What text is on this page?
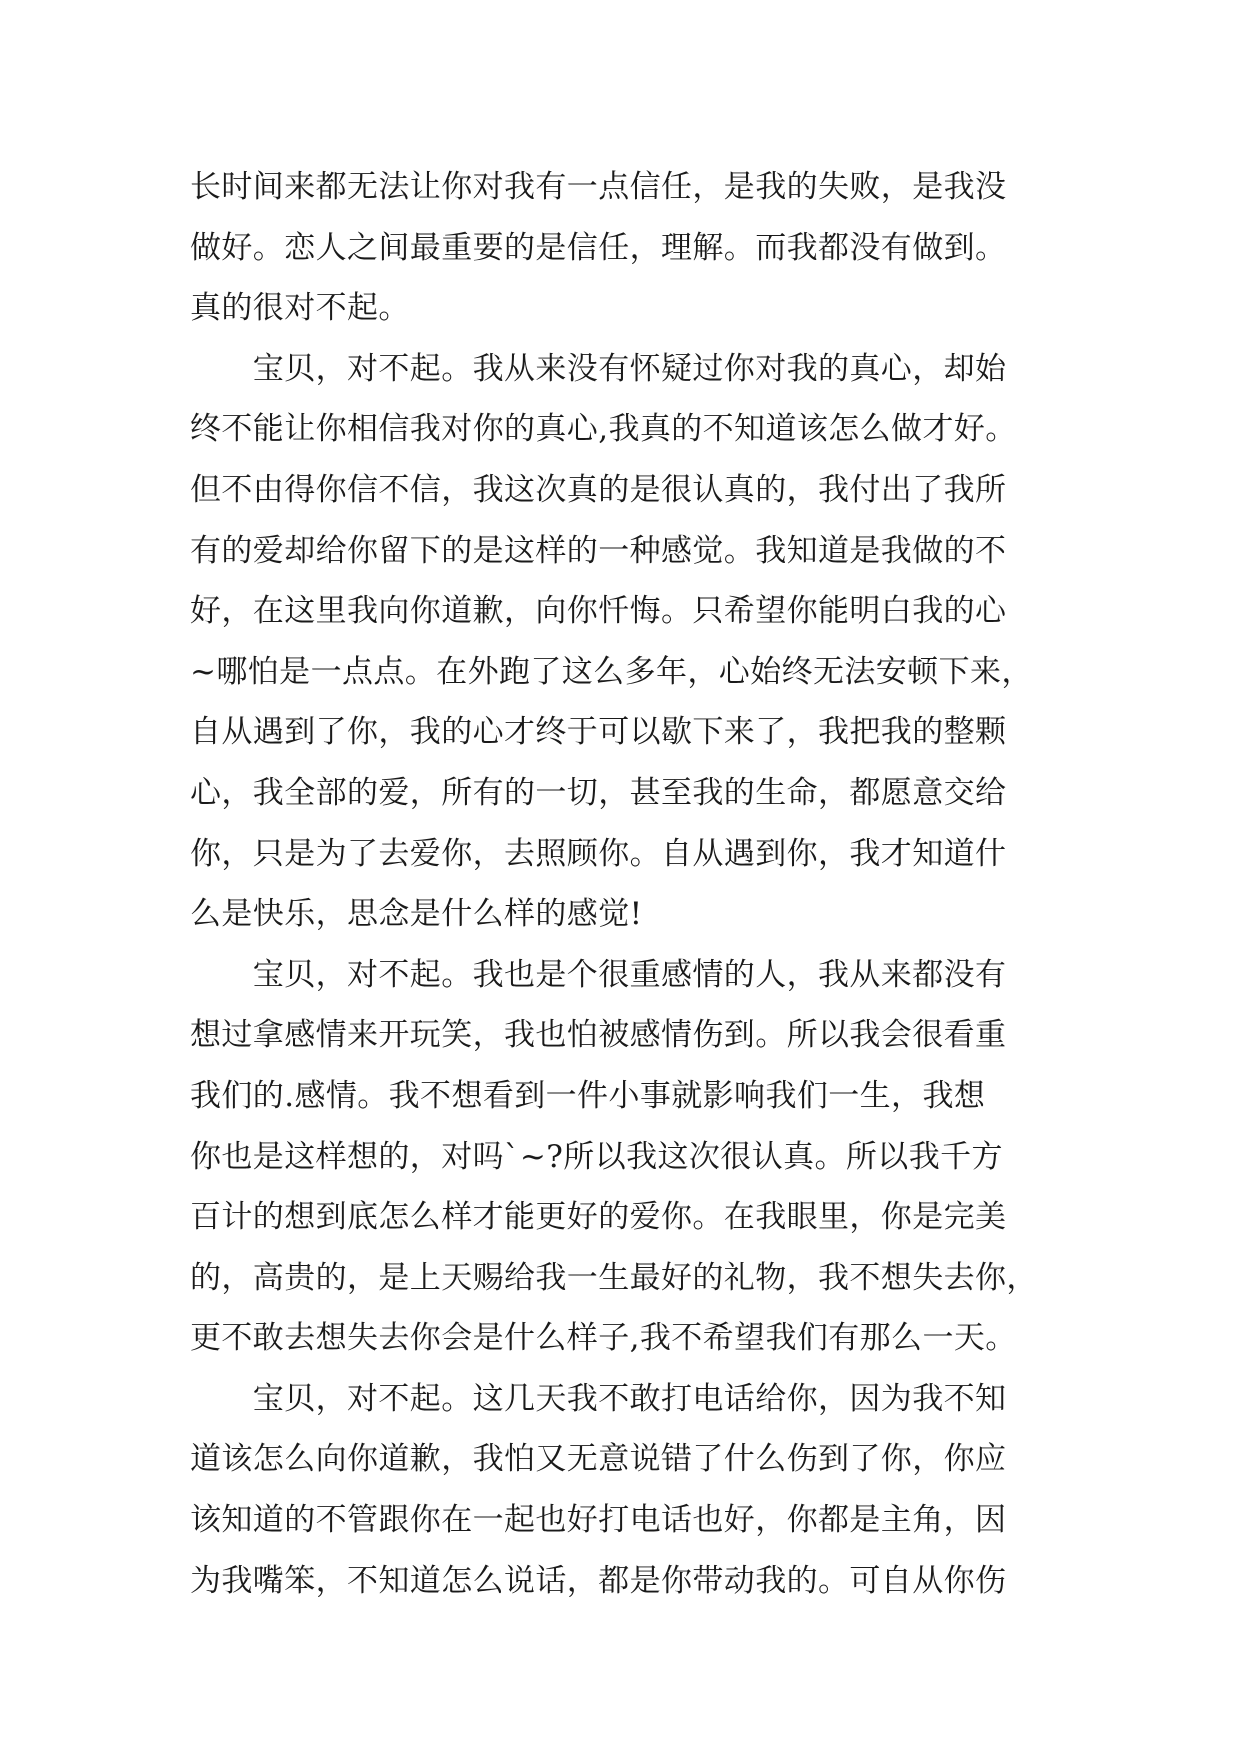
长时间来都无法让你对我有一点信任，是我的失败，是我没
做好。恋人之间最重要的是信任，理解。而我都没有做到。
真的很对不起。
　　宝贝，对不起。我从来没有怀疑过你对我的真心，却始
终不能让你相信我对你的真心,我真的不知道该怎么做才好。
但不由得你信不信，我这次真的是很认真的，我付出了我所
有的爱却给你留下的是这样的一种感觉。我知道是我做的不
好，在这里我向你道歉，向你忏悔。只希望你能明白我的心
~哪怕是一点点。在外跑了这么多年，心始终无法安顿下来，
自从遇到了你，我的心才终于可以歇下来了，我把我的整颗
心，我全部的爱，所有的一切，甚至我的生命，都愿意交给
你，只是为了去爱你，去照顾你。自从遇到你，我才知道什
么是快乐，思念是什么样的感觉!
　　宝贝，对不起。我也是个很重感情的人，我从来都没有
想过拿感情来开玩笑，我也怕被感情伤到。所以我会很看重
我们的.感情。我不想看到一件小事就影响我们一生，我想
你也是这样想的，对吗`~?所以我这次很认真。所以我千方
百计的想到底怎么样才能更好的爱你。在我眼里，你是完美
的，高贵的，是上天赐给我一生最好的礼物，我不想失去你，
更不敢去想失去你会是什么样子,我不希望我们有那么一天。
　　宝贝，对不起。这几天我不敢打电话给你，因为我不知
道该怎么向你道歉，我怕又无意说错了什么伤到了你，你应
该知道的不管跟你在一起也好打电话也好，你都是主角，因
为我嘴笨，不知道怎么说话，都是你带动我的。可自从你伤
